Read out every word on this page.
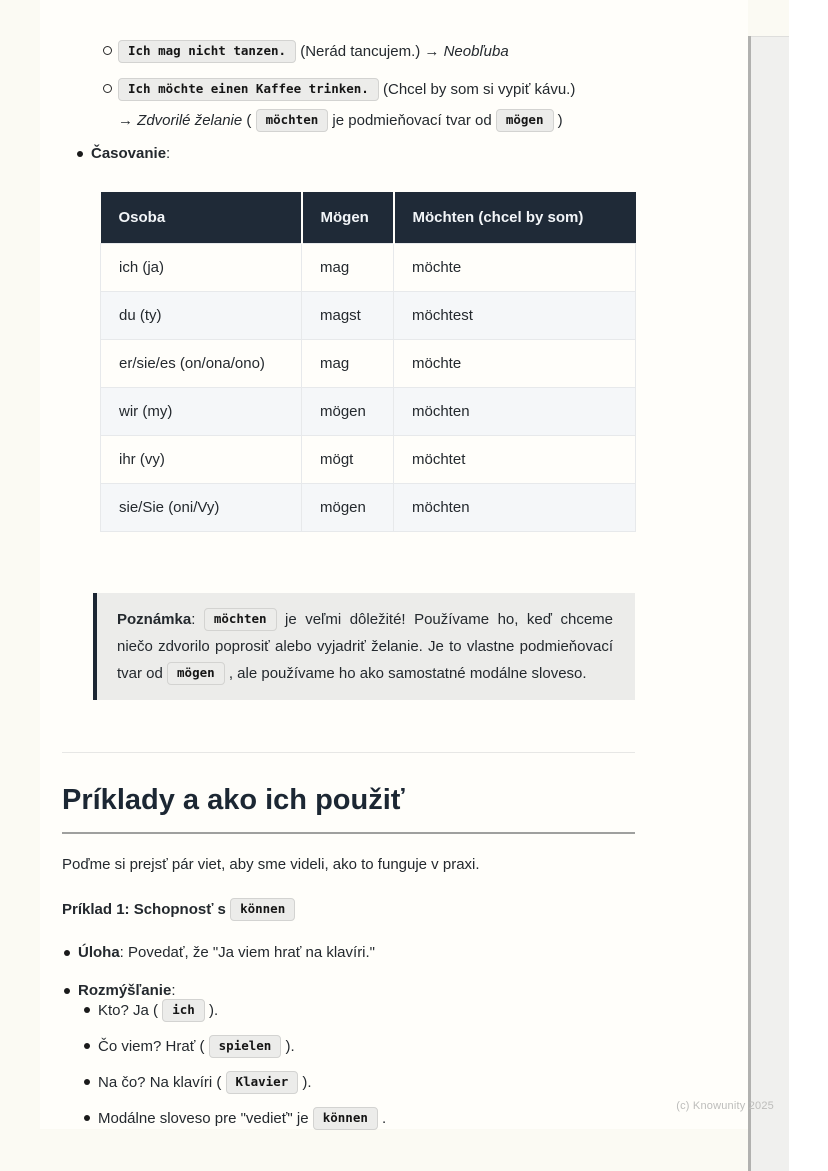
Ich mag nicht tanzen. (Nerád tancujem.) → Neobľuba
Ich möchte einen Kaffee trinken. (Chcel by som si vypiť kávu.)
→ Zdvorilé želanie ( möchten je podmieňovací tvar od mögen )
Časovanie:
Osoba	Mögen	Möchten (chcel by som)
ich (ja)	mag	möchte
du (ty)	magst	möchtest
er/sie/es (on/ona/ono)	mag	möchte
wir (my)	mögen	möchten
ihr (vy)	mögt	möchtet
sie/Sie (oni/Vy)	mögen	möchten
Poznámka: möchten je veľmi dôležité! Používame ho, keď chceme niečo zdvorilo poprosiť alebo vyjadriť želanie. Je to vlastne podmieňovací tvar od mögen , ale používame ho ako samostatné modálne sloveso.
Príklady a ako ich použiť

Poďme si prejsť pár viet, aby sme videli, ako to funguje v praxi.

Príklad 1: Schopnosť s können

Úloha: Povedať, že "Ja viem hrať na klavíri."
Rozmýšľanie:
Kto? Ja ( ich ).
Čo viem? Hrať ( spielen ).
Na čo? Na klavíri ( Klavier ).
Modálne sloveso pre "vedieť" je können .
(c) Knowunity 2025
